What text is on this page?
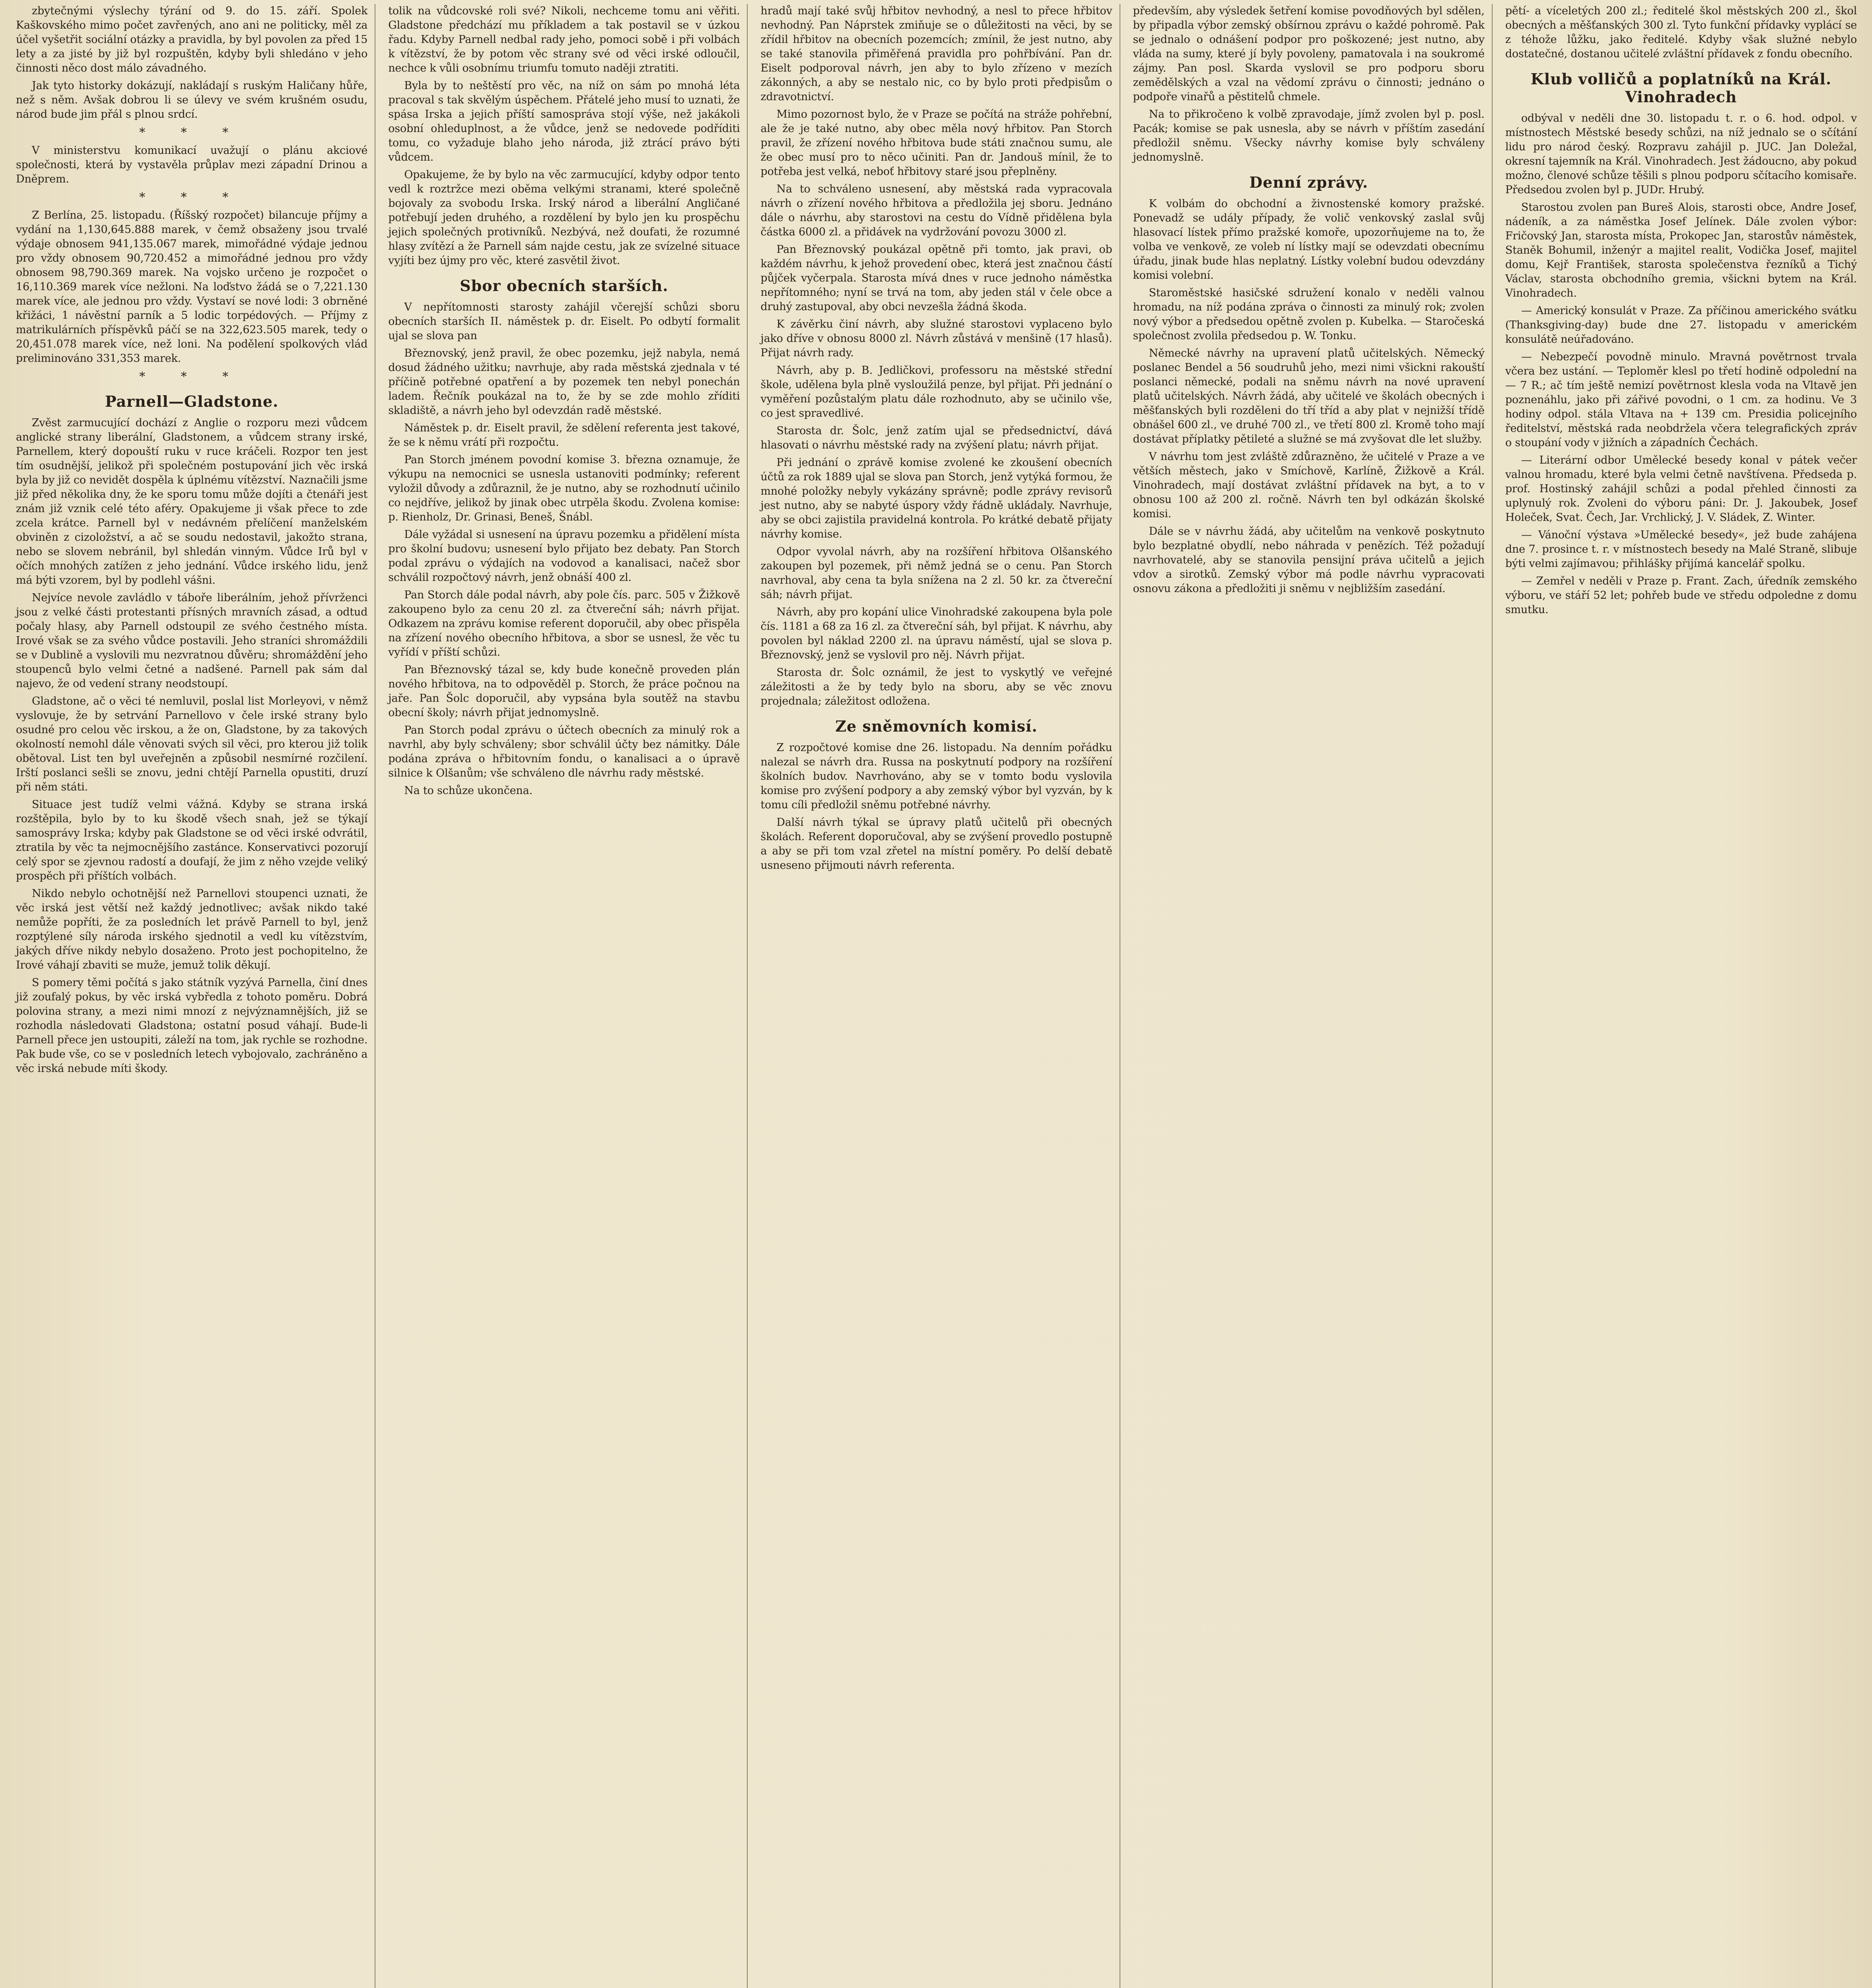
zbytečnými výslechy týrání od 9. do 15. září. Spolek Kaškovského mimo počet zavřených, ano ani ne politicky, měl za účel vyšetřit sociální otázky a pravidla, by byl povolen za před 15 lety a za jisté by již byl rozpuštěn, kdyby byli shledáno v jeho činnosti něco dost málo závadného.

Jak tyto historky dokázují, nakládají s ruským Haličany hůře, než s něm. Avšak dobrou li se úlevy ve svém krušném osudu, národ bude jim přál s plnou srdcí.

* * *

V ministerstvu komunikací uvažují o plánu akciové společnosti, která by vystavěla průplav mezi západní Drinou a Dněprem.

* * *

Z Berlína, 25. listopadu. (Říšský rozpočet) bilancuje příjmy a vydání na 1,130,645.888 marek, v čemž obsaženy jsou trvalé výdaje obnosem 941,135.067 marek, mimořádné výdaje jednou pro vždy obnosem 90,720.452 a mimořádné jednou pro vždy obnosem 98,790.369 marek. Na vojsko určeno je rozpočet o 16,110.369 marek více nežloni. Na loďstvo žádá se o 7,221.130 marek více, ale jednou pro vždy. Vystaví se nové lodi: 3 obrněné křižáci, 1 návěstní parník a 5 lodic torpédových. — Příjmy z matrikulárních příspěvků páčí se na 322,623.505 marek, tedy o 20,451.078 marek více, než loni. Na podělení spolkových vlád preliminováno 331,353 marek.

* * *
Parnell—Gladstone.

Zvěst zarmucující dochází z Anglie o rozporu mezi vůdcem anglické strany liberální, Gladstonem, a vůdcem strany irské, Parnellem, který dopouští ruku v ruce kráčeli. Rozpor ten jest tím osudnější, jelikož při společném postupování jich věc irská byla by již co nevidět dospěla k úplnému vítězství. Naznačili jsme již před několika dny, že ke sporu tomu může dojíti a čtenáři jest znám již vznik celé této aféry. Opakujeme ji však přece to zde zcela krátce. Parnell byl v nedávném přelíčení manželském obviněn z cizoložství, a ač se soudu nedostavil, jakožto strana, nebo se slovem nebránil, byl shledán vinným. Vůdce Irů byl v očích mnohých zatížen z jeho jednání. Vůdce irského lidu, jenž má býti vzorem, byl by podlehl vášni.

Nejvíce nevole zavládlo v táboře liberálním, jehož přívrženci jsou z velké části protestanti přísných mravních zásad, a odtud počaly hlasy, aby Parnell odstoupil ze svého čestného místa. Irové však se za svého vůdce postavili. Jeho straníci shromáždili se v Dublině a vyslovili mu nezvratnou důvěru; shromáždění jeho stoupenců bylo velmi četné a nadšené. Parnell pak sám dal najevo, že od vedení strany neodstoupí.

Gladstone, ač o věci té nemluvil, poslal list Morleyovi, v němž vyslovuje, že by setrvání Parnellovo v čele irské strany bylo osudné pro celou věc irskou, a že on, Gladstone, by za takových okolností nemohl dále věnovati svých sil věci, pro kterou již tolik obětoval. List ten byl uveřejněn a způsobil nesmírné rozčilení. Irští poslanci sešli se znovu, jedni chtějí Parnella opustiti, druzí při něm státi.

Situace jest tudíž velmi vážná. Kdyby se strana irská rozštěpila, bylo by to ku škodě všech snah, jež se týkají samosprávy Irska; kdyby pak Gladstone se od věci irské odvrátil, ztratila by věc ta nejmocnějšího zastánce. Konservativci pozorují celý spor se zjevnou radostí a doufají, že jim z něho vzejde veliký prospěch při příštích volbách.

Nikdo nebylo ochotnější než Parnellovi stoupenci uznati, že věc irská jest větší než každý jednotlivec; avšak nikdo také nemůže popříti, že za posledních let právě Parnell to byl, jenž rozptýlené síly národa irského sjednotil a vedl ku vítězstvím, jakých dříve nikdy nebylo dosaženo. Proto jest pochopitelno, že Irové váhají zbaviti se muže, jemuž tolik děkují.

S pomery těmi počítá s jako státník vyzývá Parnella, činí dnes již zoufalý pokus, by věc irská vybředla z tohoto poměru. Dobrá polovina strany, a mezi nimi mnozí z nejvýznamnějších, již se rozhodla následovati Gladstona; ostatní posud váhají. Bude-li Parnell přece jen ustoupiti, záleží na tom, jak rychle se rozhodne. Pak bude vše, co se v posledních letech vybojovalo, zachráněno a věc irská nebude míti škody.

tolik na vůdcovské roli své? Nikoli, nechceme tomu ani věřiti. Gladstone předchází mu příkladem a tak postavil se v úzkou řadu. Kdyby Parnell nedbal rady jeho, pomoci sobě i při volbách k vítězství, že by potom věc strany své od věci irské odloučil, nechce k vůli osobnímu triumfu tomuto naději ztratiti.

Byla by to neštěstí pro věc, na níž on sám po mnohá léta pracoval s tak skvělým úspěchem. Přátelé jeho musí to uznati, že spása Irska a jejich příští samospráva stojí výše, než jakákoli osobní ohleduplnost, a že vůdce, jenž se nedovede podříditi tomu, co vyžaduje blaho jeho národa, již ztrácí právo býti vůdcem.

Opakujeme, že by bylo na věc zarmucující, kdyby odpor tento vedl k roztržce mezi oběma velkými stranami, které společně bojovaly za svobodu Irska. Irský národ a liberální Angličané potřebují jeden druhého, a rozdělení by bylo jen ku prospěchu jejich společných protivníků. Nezbývá, než doufati, že rozumné hlasy zvítězí a že Parnell sám najde cestu, jak ze svízelné situace vyjíti bez újmy pro věc, které zasvětil život.

Sbor obecních starších.

V nepřítomnosti starosty zahájil včerejší schůzi sboru obecních starších II. náměstek p. dr. Eiselt. Po odbytí formalit ujal se slova pan

Březnovský, jenž pravil, že obec pozemku, jejž nabyla, nemá dosud žádného užitku; navrhuje, aby rada městská zjednala v té příčině potřebné opatření a by pozemek ten nebyl ponechán ladem. Řečník poukázal na to, že by se zde mohlo zříditi skladiště, a návrh jeho byl odevzdán radě městské.

Náměstek p. dr. Eiselt pravil, že sdělení referenta jest takové, že se k němu vrátí při rozpočtu.

Pan Storch jménem povodní komise 3. března oznamuje, že výkupu na nemocnici se usnesla ustanoviti podmínky; referent vyložil důvody a zdůraznil, že je nutno, aby se rozhodnutí učinilo co nejdříve, jelikož by jinak obec utrpěla škodu. Zvolena komise: p. Rienholz, Dr. Grinasi, Beneš, Šnábl.

Dále vyžádal si usnesení na úpravu pozemku a přidělení místa pro školní budovu; usnesení bylo přijato bez debaty. Pan Storch podal zprávu o výdajích na vodovod a kanalisaci, načež sbor schválil rozpočtový návrh, jenž obnáší 400 zl.

Pan Storch dále podal návrh, aby pole čís. parc. 505 v Žižkově zakoupeno bylo za cenu 20 zl. za čtvereční sáh; návrh přijat. Odkazem na zprávu komise referent doporučil, aby obec přispěla na zřízení nového obecního hřbitova, a sbor se usnesl, že věc tu vyřídí v příští schůzi.

Pan Březnovský tázal se, kdy bude konečně proveden plán nového hřbitova, na to odpověděl p. Storch, že práce počnou na jaře. Pan Šolc doporučil, aby vypsána byla soutěž na stavbu obecní školy; návrh přijat jednomyslně.

Pan Storch podal zprávu o účtech obecních za minulý rok a navrhl, aby byly schváleny; sbor schválil účty bez námitky. Dále podána zpráva o hřbitovním fondu, o kanalisaci a o úpravě silnice k Olšanům; vše schváleno dle návrhu rady městské.

Na to schůze ukončena.

hradů mají také svůj hřbitov nevhodný, a nesl to přece hřbitov nevhodný. Pan Náprstek zmiňuje se o důležitosti na věci, by se zřídil hřbitov na obecních pozemcích; zmínil, že jest nutno, aby se také stanovila přiměřená pravidla pro pohřbívání. Pan dr. Eiselt podporoval návrh, jen aby to bylo zřízeno v mezích zákonných, a aby se nestalo nic, co by bylo proti předpisům o zdravotnictví.

Mimo pozornost bylo, že v Praze se počítá na stráže pohřební, ale že je také nutno, aby obec měla nový hřbitov. Pan Storch pravil, že zřízení nového hřbitova bude státi značnou sumu, ale že obec musí pro to něco učiniti. Pan dr. Jandouš mínil, že to potřeba jest velká, neboť hřbitovy staré jsou přeplněny.

Na to schváleno usnesení, aby městská rada vypracovala návrh o zřízení nového hřbitova a předložila jej sboru. Jednáno dále o návrhu, aby starostovi na cestu do Vídně přidělena byla částka 6000 zl. a přidávek na vydržování povozu 3000 zl.

Pan Březnovský poukázal opětně při tomto, jak pravi, ob každém návrhu, k jehož provedení obec, která jest značnou částí půjček vyčerpala. Starosta mívá dnes v ruce jednoho náměstka nepřítomného; nyní se trvá na tom, aby jeden stál v čele obce a druhý zastupoval, aby obci nevzešla žádná škoda.

K závěrku činí návrh, aby služné starostovi vyplaceno bylo jako dříve v obnosu 8000 zl. Návrh zůstává v menšině (17 hlasů). Přijat návrh rady.

Návrh, aby p. B. Jedličkovi, professoru na městské střední škole, udělena byla plně vysloužilá penze, byl přijat. Při jednání o vyměření pozůstalým platu dále rozhodnuto, aby se učinilo vše, co jest spravedlivé.

Starosta dr. Šolc, jenž zatím ujal se předsednictví, dává hlasovati o návrhu městské rady na zvýšení platu; návrh přijat.

Při jednání o zprávě komise zvolené ke zkoušení obecních účtů za rok 1889 ujal se slova pan Storch, jenž vytýká formou, že mnohé položky nebyly vykázány správně; podle zprávy revisorů jest nutno, aby se nabyté úspory vždy řádně ukládaly. Navrhuje, aby se obci zajistila pravidelná kontrola. Po krátké debatě přijaty návrhy komise.

Odpor vyvolal návrh, aby na rozšíření hřbitova Olšanského zakoupen byl pozemek, při němž jedná se o cenu. Pan Storch navrhoval, aby cena ta byla snížena na 2 zl. 50 kr. za čtvereční sáh; návrh přijat.

Návrh, aby pro kopání ulice Vinohradské zakoupena byla pole čís. 1181 a 68 za 16 zl. za čtvereční sáh, byl přijat. K návrhu, aby povolen byl náklad 2200 zl. na úpravu náměstí, ujal se slova p. Březnovský, jenž se vyslovil pro něj. Návrh přijat.

Starosta dr. Šolc oznámil, že jest to vyskytlý ve veřejné záležitosti a že by tedy bylo na sboru, aby se věc znovu projednala; záležitost odložena.

Ze sněmovních komisí.

Z rozpočtové komise dne 26. listopadu. Na denním pořádku nalezal se návrh dra. Russa na poskytnutí podpory na rozšíření školních budov. Navrhováno, aby se v tomto bodu vyslovila komise pro zvýšení podpory a aby zemský výbor byl vyzván, by k tomu cíli předložil sněmu potřebné návrhy.

Další návrh týkal se úpravy platů učitelů při obecných školách. Referent doporučoval, aby se zvýšení provedlo postupně a aby se při tom vzal zřetel na místní poměry. Po delší debatě usneseno přijmouti návrh referenta.

především, aby výsledek šetření komise povodňových byl sdělen, by připadla výbor zemský obšírnou zprávu o každé pohromě. Pak se jednalo o odnášení podpor pro poškozené; jest nutno, aby vláda na sumy, které jí byly povoleny, pamatovala i na soukromé zájmy. Pan posl. Skarda vyslovil se pro podporu sboru zemědělských a vzal na vědomí zprávu o činnosti; jednáno o podpoře vinařů a pěstitelů chmele.

Na to přikročeno k volbě zpravodaje, jímž zvolen byl p. posl. Pacák; komise se pak usnesla, aby se návrh v příštím zasedání předložil sněmu. Všecky návrhy komise byly schváleny jednomyslně.

Denní zprávy.

K volbám do obchodní a živnostenské komory pražské. Ponevadž se udály případy, že volič venkovský zaslal svůj hlasovací lístek přímo pražské komoře, upozorňujeme na to, že volba ve venkově, ze voleb ní lístky mají se odevzdati obecnímu úřadu, jinak bude hlas neplatný. Lístky volební budou odevzdány komisi volební.

Staroměstské hasičské sdružení konalo v neděli valnou hromadu, na níž podána zpráva o činnosti za minulý rok; zvolen nový výbor a předsedou opětně zvolen p. Kubelka. — Staročeská společnost zvolila předsedou p. W. Tonku.

Německé návrhy na upravení platů učitelských. Německý poslanec Bendel a 56 soudruhů jeho, mezi nimi všickni rakouští poslanci německé, podali na sněmu návrh na nové upravení platů učitelských. Návrh žádá, aby učitelé ve školách obecných i měšťanských byli rozděleni do tří tříd a aby plat v nejnižší třídě obnášel 600 zl., ve druhé 700 zl., ve třetí 800 zl. Kromě toho mají dostávat příplatky pětileté a služné se má zvyšovat dle let služby.

V návrhu tom jest zvláště zdůrazněno, že učitelé v Praze a ve větších městech, jako v Smíchově, Karlíně, Žižkově a Král. Vinohradech, mají dostávat zvláštní přídavek na byt, a to v obnosu 100 až 200 zl. ročně. Návrh ten byl odkázán školské komisi.

Dále se v návrhu žádá, aby učitelům na venkově poskytnuto bylo bezplatné obydlí, nebo náhrada v penězích. Též požadují navrhovatelé, aby se stanovila pensijní práva učitelů a jejich vdov a sirotků. Zemský výbor má podle návrhu vypracovati osnovu zákona a předložiti ji sněmu v nejbližším zasedání.

pětí- a víceletých 200 zl.; ředitelé škol městských 200 zl., škol obecných a měšťanských 300 zl. Tyto funkční přídavky vyplácí se z téhože lůžku, jako ředitelé. Kdyby však služné nebylo dostatečné, dostanou učitelé zvláštní přídavek z fondu obecního.

Klub volličů a poplatníků na Král. Vinohradech

odbýval v neděli dne 30. listopadu t. r. o 6. hod. odpol. v místnostech Městské besedy schůzi, na níž jednalo se o sčítání lidu pro národ český. Rozpravu zahájil p. JUC. Jan Doležal, okresní tajemník na Král. Vinohradech. Jest žádoucno, aby pokud možno, členové schůze těšili s plnou podporu sčítacího komisaře. Předsedou zvolen byl p. JUDr. Hrubý.

Starostou zvolen pan Bureš Alois, starosti obce, Andre Josef, nádeník, a za náměstka Josef Jelínek. Dále zvolen výbor: Fričovský Jan, starosta místa, Prokopec Jan, starostův náměstek, Staněk Bohumil, inženýr a majitel realit, Vodička Josef, majitel domu, Kejř František, starosta společenstva řezníků a Tichý Václav, starosta obchodního gremia, všickni bytem na Král. Vinohradech.

— Americký konsulát v Praze. Za příčinou amerického svátku (Thanksgiving-day) bude dne 27. listopadu v americkém konsulátě neúřadováno.

— Nebezpečí povodně minulo. Mravná povětrnost trvala včera bez ustání. — Teploměr klesl po třetí hodině odpolední na — 7 R.; ač tím ještě nemizí povětrnost klesla voda na Vltavě jen poznenáhlu, jako při zářivé povodni, o 1 cm. za hodinu. Ve 3 hodiny odpol. stála Vltava na + 139 cm. Presidia policejního ředitelství, městská rada neobdržela včera telegrafických zpráv o stoupání vody v jižních a západních Čechách.

— Literární odbor Umělecké besedy konal v pátek večer valnou hromadu, které byla velmi četně navštívena. Předseda p. prof. Hostinský zahájil schůzi a podal přehled činnosti za uplynulý rok. Zvoleni do výboru páni: Dr. J. Jakoubek, Josef Holeček, Svat. Čech, Jar. Vrchlický, J. V. Sládek, Z. Winter.

— Vánoční výstava »Umělecké besedy«, jež bude zahájena dne 7. prosince t. r. v místnostech besedy na Malé Straně, slibuje býti velmi zajímavou; přihlášky přijímá kancelář spolku.

— Zemřel v neděli v Praze p. Frant. Zach, úředník zemského výboru, ve stáří 52 let; pohřeb bude ve středu odpoledne z domu smutku.
